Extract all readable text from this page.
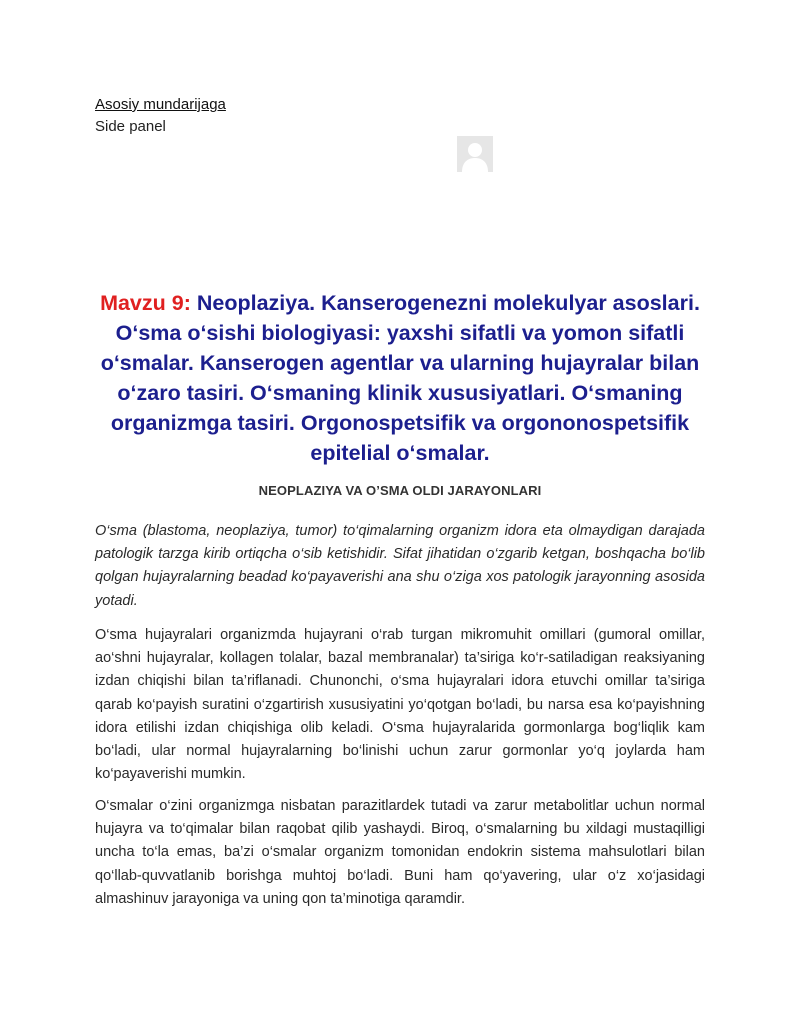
Asosiy mundarijaga
Side panel
Mavzu 9: Neoplaziya. Kanserogenezni molekulyar asoslari. O‘sma o‘sishi biologiyasi: yaxshi sifatli va yomon sifatli o‘smalar. Kanserogen agentlar va ularning hujayralar bilan o‘zaro tasiri. O‘smaning klinik xususiyatlari. O‘smaning organizmga tasiri. Orgonospetsifik va orgononospetsifik epitelial o‘smalar.
NEOPLAZIYA VA O’SMA OLDI JARAYONLARI

O‘sma (blastoma, neoplaziya, tumor) to‘qimalarning organizm idora eta olmaydigan darajada patologik tarzga kirib ortiqcha o‘sib ketishidir. Sifat jihatidan o‘zgarib ketgan, boshqacha bo‘lib qolgan hujayralarning beadad ko‘payaverishi ana shu o‘ziga xos patologik jarayonning asosida yotadi.

O‘sma hujayralari organizmda hujayrani o‘rab turgan mikromuhit omillari (gumoral omillar, ao‘shni hujayralar, kollagen tolalar, bazal membranalar) ta’siriga ko‘r-satiladigan reaksiyaning izdan chiqishi bilan ta’riflanadi. Chunonchi, o‘sma hujayralari idora etuvchi omillar ta’siriga qarab ko‘payish suratini o‘zgartirish xususiyatini yo‘qotgan bo‘ladi, bu narsa esa ko‘payishning idora etilishi izdan chiqishiga olib keladi. O‘sma hujayralarida gormonlarga bog‘liqlik kam bo‘ladi, ular normal hujayralarning bo‘linishi uchun zarur gormonlar yo‘q joylarda ham ko‘payaverishi mumkin.

O‘smalar o‘zini organizmga nisbatan parazitlardek tutadi va zarur metabolitlar uchun normal hujayra va to‘qimalar bilan raqobat qilib yashaydi. Biroq, o‘smalarning bu xildagi mustaqilligi uncha to‘la emas, ba’zi o‘smalar organizm tomonidan endokrin sistema mahsulotlari bilan qo‘llab-quvvatlanib borishga muhtoj bo‘ladi. Buni ham qo‘yavering, ular o‘z xo‘jasidagi almashinuv jarayoniga va uning qon ta’minotiga qaramdir.
